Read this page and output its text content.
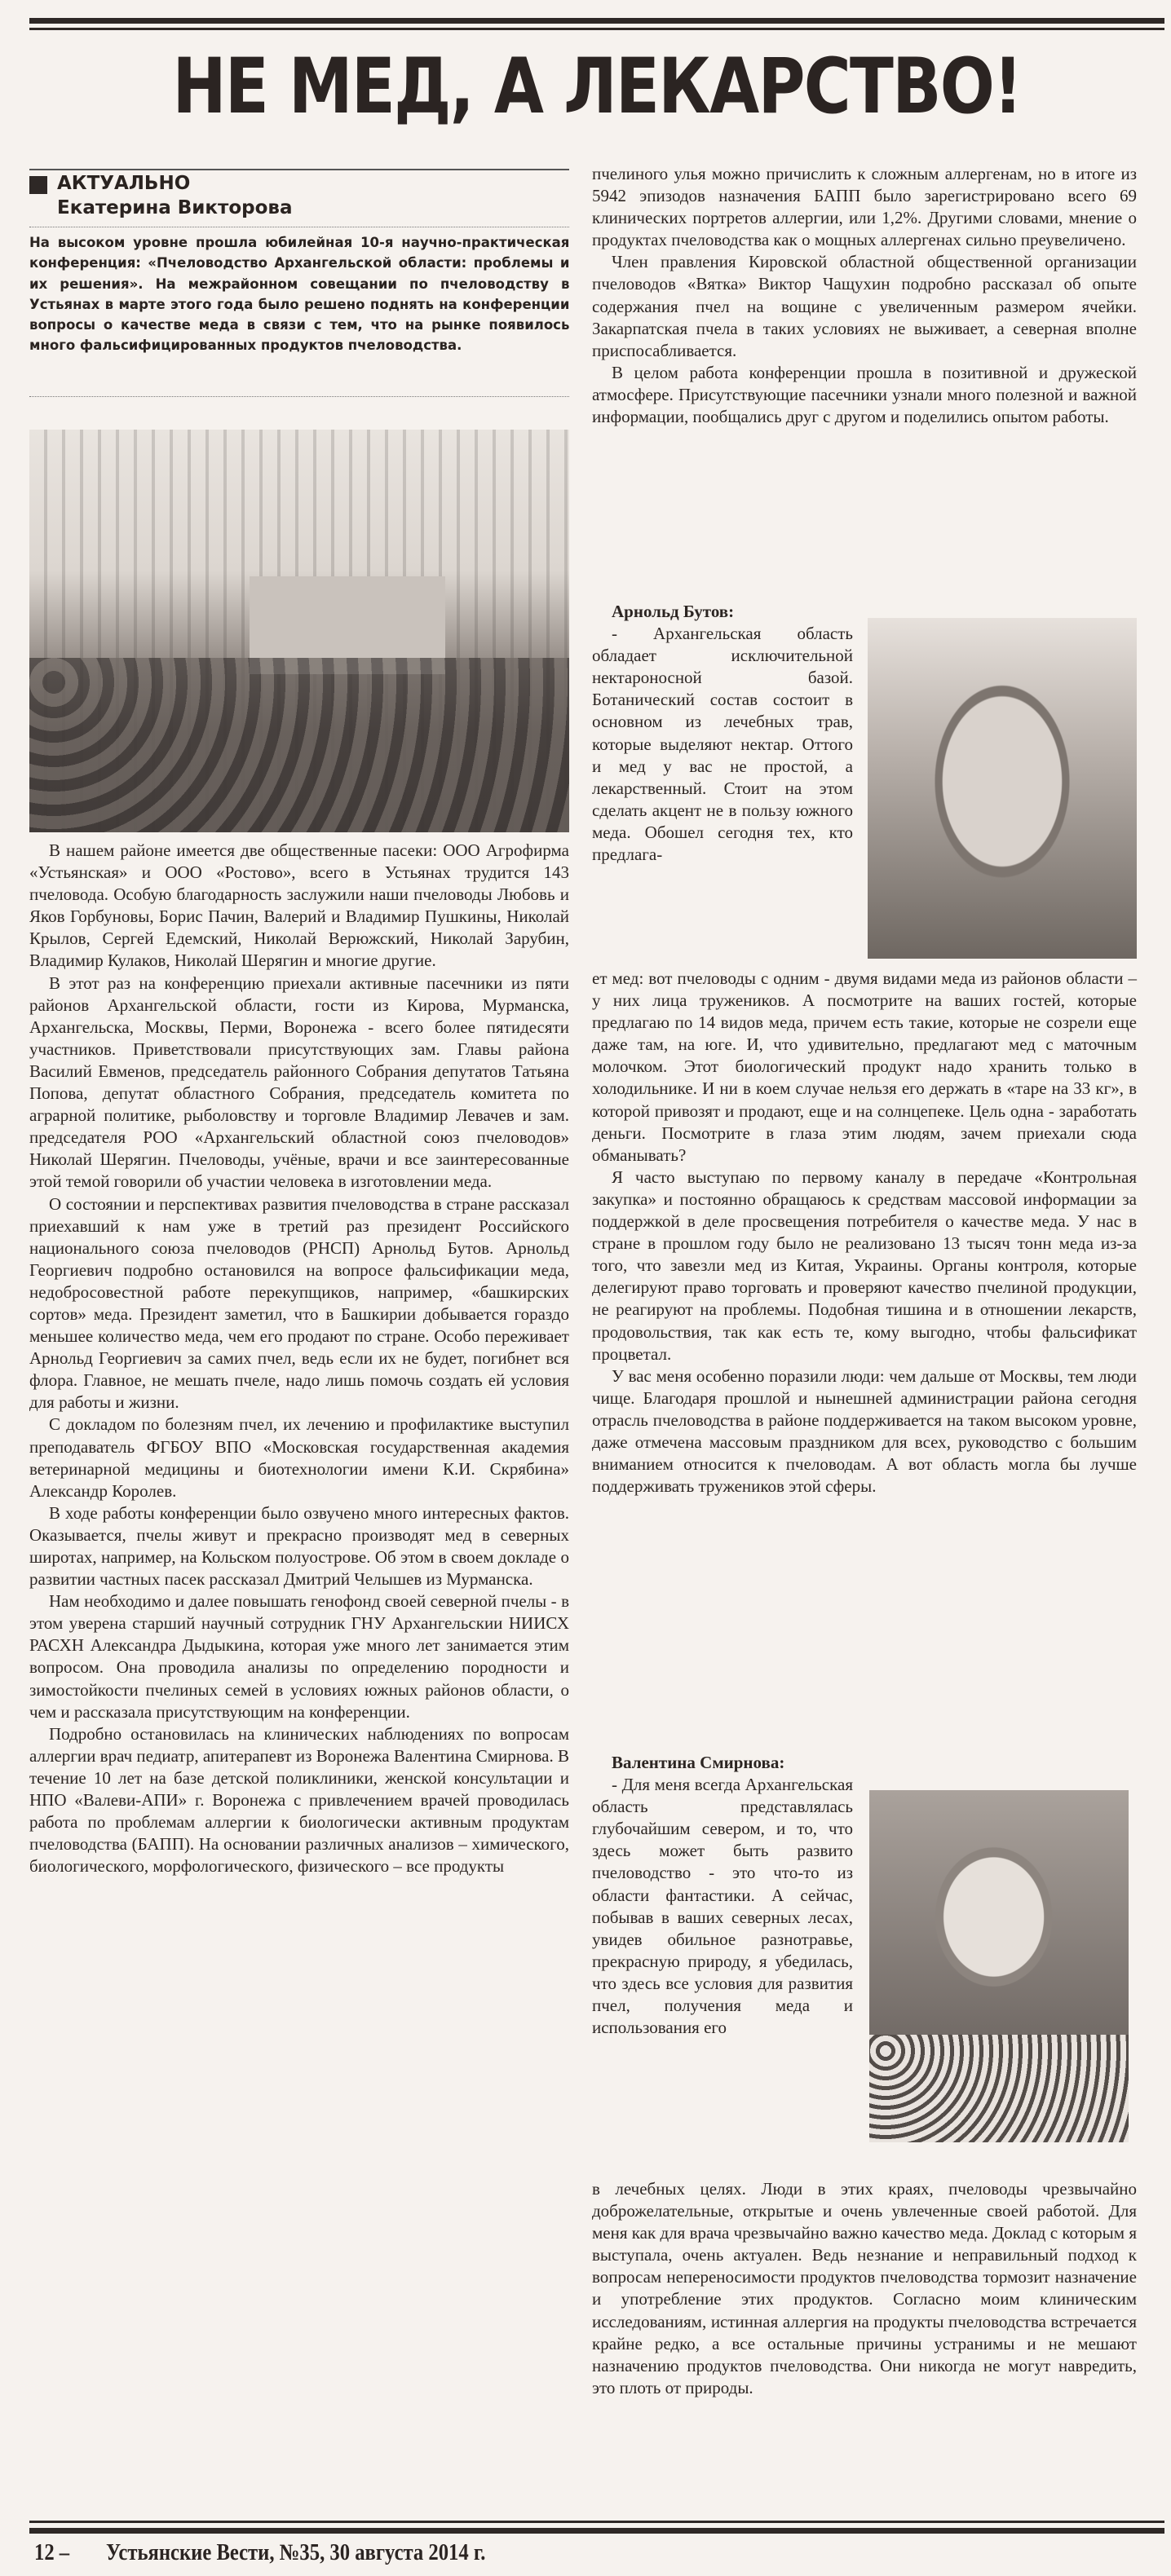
НЕ МЕД, А ЛЕКАРСТВО!
АКТУАЛЬНО
Екатерина Викторова
На высоком уровне прошла юбилейная 10-я научно-практическая конференция: «Пчеловодство Архангельской области: проблемы и их решения». На межрайонном совещании по пчеловодству в Устьянах в марте этого года было решено поднять на конференции вопросы о качестве меда в связи с тем, что на рынке появилось много фальсифицированных продуктов пчеловодства.

В нашем районе имеется две общественные пасеки: ООО Агрофирма «Устьянская» и ООО «Ростово», всего в Устьянах трудится 143 пчеловода. Особую благодарность заслужили наши пчеловоды Любовь и Яков Горбуновы, Борис Пачин, Валерий и Владимир Пушкины, Николай Крылов, Сергей Едемский, Николай Верюжский, Николай Зарубин, Владимир Кулаков, Николай Шерягин и многие другие.

В этот раз на конференцию приехали активные пасечники из пяти районов Архангельской области, гости из Кирова, Мурманска, Архангельска, Москвы, Перми, Воронежа - всего более пятидесяти участников. Приветствовали присутствующих зам. Главы района Василий Евменов, председатель районного Собрания депутатов Татьяна Попова, депутат областного Собрания, председатель комитета по аграрной политике, рыболовству и торговле Владимир Левачев и зам. председателя РОО «Архангельский областной союз пчеловодов» Николай Шерягин. Пчеловоды, учёные, врачи и все заинтересованные этой темой говорили об участии человека в изготовлении меда.

О состоянии и перспективах развития пчеловодства в стране рассказал приехавший к нам уже в третий раз президент Российского национального союза пчеловодов (РНСП) Арнольд Бутов. Арнольд Георгиевич подробно остановился на вопросе фальсификации меда, недобросовестной работе перекупщиков, например, «башкирских сортов» меда. Президент заметил, что в Башкирии добывается гораздо меньшее количество меда, чем его продают по стране. Особо переживает Арнольд Георгиевич за самих пчел, ведь если их не будет, погибнет вся флора. Главное, не мешать пчеле, надо лишь помочь создать ей условия для работы и жизни.

С докладом по болезням пчел, их лечению и профилактике выступил преподаватель ФГБОУ ВПО «Московская государственная академия ветеринарной медицины и биотехнологии имени К.И. Скрябина» Александр Королев.

В ходе работы конференции было озвучено много интересных фактов. Оказывается, пчелы живут и прекрасно производят мед в северных широтах, например, на Кольском полуострове. Об этом в своем докладе о развитии частных пасек рассказал Дмитрий Челышев из Мурманска.

Нам необходимо и далее повышать генофонд своей северной пчелы - в этом уверена старший научный сотрудник ГНУ Архангельскии НИИСХ РАСХН Александра Дыдыкина, которая уже много лет занимается этим вопросом. Она проводила анализы по определению породности и зимостойкости пчелиных семей в условиях южных районов области, о чем и рассказала присутствующим на конференции.

Подробно остановилась на клинических наблюдениях по вопросам аллергии врач педиатр, апитерапевт из Воронежа Валентина Смирнова. В течение 10 лет на базе детской поликлиники, женской консультации и НПО «Валеви-АПИ» г. Воронежа с привлечением врачей проводилась работа по проблемам аллергии к биологически активным продуктам пчеловодства (БАПП). На основании различных анализов – химического, биологического, морфологического, физического – все продукты

пчелиного улья можно причислить к сложным аллергенам, но в итоге из 5942 эпизодов назначения БАПП было зарегистрировано всего 69 клинических портретов аллергии, или 1,2%. Другими словами, мнение о продуктах пчеловодства как о мощных аллергенах сильно преувеличено.

Член правления Кировской областной общественной организации пчеловодов «Вятка» Виктор Чащухин подробно рассказал об опыте содержания пчел на вощине с увеличенным размером ячейки. Закарпатская пчела в таких условиях не выживает, а северная вполне приспосабливается.

В целом работа конференции прошла в позитивной и дружеской атмосфере. Присутствующие пасечники узнали много полезной и важной информации, пообщались друг с другом и поделились опытом работы.

Арнольд Бутов:

- Архангельская область обладает исключительной нектароносной базой. Ботанический состав состоит в основном из лечебных трав, которые выделяют нектар. Оттого и мед у вас не простой, а лекарственный. Стоит на этом сделать акцент не в пользу южного меда. Обошел сегодня тех, кто предлага-

ет мед: вот пчеловоды с одним - двумя видами меда из районов области – у них лица тружеников. А посмотрите на ваших гостей, которые предлагаю по 14 видов меда, причем есть такие, которые не созрели еще даже там, на юге. И, что удивительно, предлагают мед с маточным молочком. Этот биологический продукт надо хранить только в холодильнике. И ни в коем случае нельзя его держать в «таре на 33 кг», в которой привозят и продают, еще и на солнцепеке. Цель одна - заработать деньги. Посмотрите в глаза этим людям, зачем приехали сюда обманывать?

Я часто выступаю по первому каналу в передаче «Контрольная закупка» и постоянно обращаюсь к средствам массовой информации за поддержкой в деле просвещения потребителя о качестве меда. У нас в стране в прошлом году было не реализовано 13 тысяч тонн меда из-за того, что завезли мед из Китая, Украины. Органы контроля, которые делегируют право торговать и проверяют качество пчелиной продукции, не реагируют на проблемы. Подобная тишина и в отношении лекарств, продовольствия, так как есть те, кому выгодно, чтобы фальсификат процветал.

У вас меня особенно поразили люди: чем дальше от Москвы, тем люди чище. Благодаря прошлой и нынешней администрации района сегодня отрасль пчеловодства в районе поддерживается на таком высоком уровне, даже отмечена массовым праздником для всех, руководство с большим вниманием относится к пчеловодам. А вот область могла бы лучше поддерживать тружеников этой сферы.

Валентина Смирнова:

- Для меня всегда Архангельская область представлялась глубочайшим севером, и то, что здесь может быть развито пчеловодство - это что-то из области фантастики. А сейчас, побывав в ваших северных лесах, увидев обильное разнотравье, прекрасную природу, я убедилась, что здесь все условия для развития пчел, получения меда и использования его

в лечебных целях. Люди в этих краях, пчеловоды чрезвычайно доброжелательные, открытые и очень увлеченные своей работой. Для меня как для врача чрезвычайно важно качество меда. Доклад с которым я выступала, очень актуален. Ведь незнание и неправильный подход к вопросам непереносимости продуктов пчеловодства тормозит назначение и употребление этих продуктов. Согласно моим клиническим исследованиям, истинная аллергия на продукты пчеловодства встречается крайне редко, а все остальные причины устранимы и не мешают назначению продуктов пчеловодства. Они никогда не могут навредить, это плоть от природы.

12 – Устьянские Вести, №35, 30 августа 2014 г.
